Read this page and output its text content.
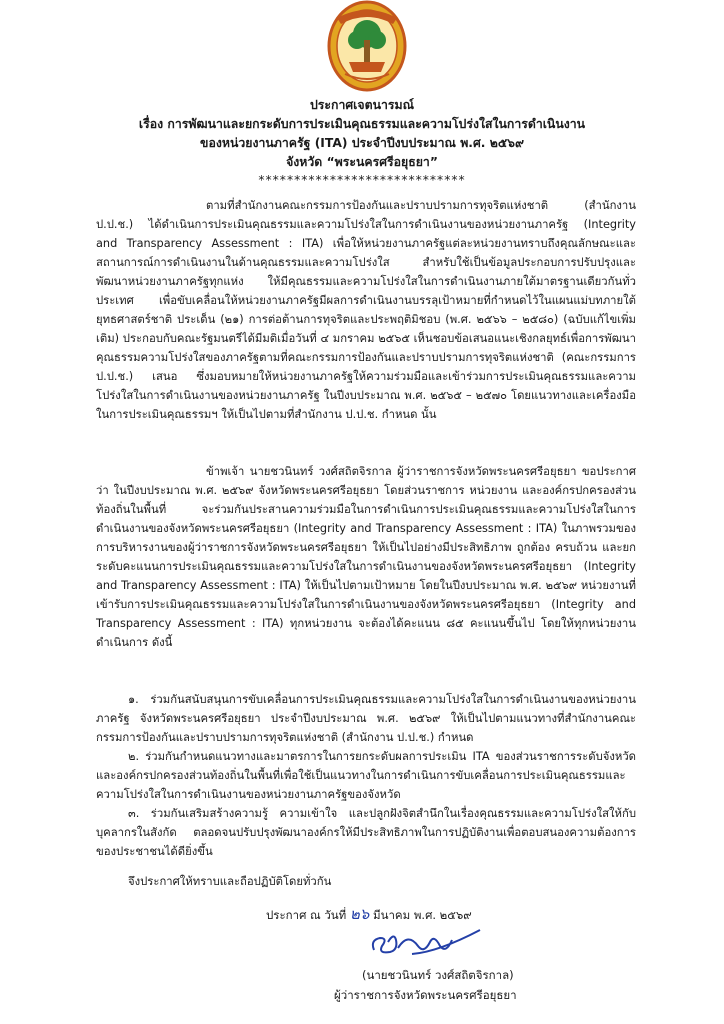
ประกาศเจตนารมณ์
เรื่อง การพัฒนาและยกระดับการประเมินคุณธรรมและความโปร่งใสในการดำเนินงาน
ของหน่วยงานภาครัฐ (ITA) ประจำปีงบประมาณ พ.ศ. ๒๕๖๙
จังหวัด “พระนครศรีอยุธยา”
*****************************
ตามที่สำนักงานคณะกรรมการป้องกันและปราบปรามการทุจริตแห่งชาติ (สำนักงาน ป.ป.ช.) ได้ดำเนินการประเมินคุณธรรมและความโปร่งใสในการดำเนินงานของหน่วยงานภาครัฐ (Integrity and Transparency Assessment : ITA) เพื่อให้หน่วยงานภาครัฐแต่ละหน่วยงานทราบถึงคุณลักษณะและสถานการณ์การดำเนินงานในด้านคุณธรรมและความโปร่งใส สำหรับใช้เป็นข้อมูลประกอบการปรับปรุงและพัฒนาหน่วยงานภาครัฐทุกแห่ง ให้มีคุณธรรมและความโปร่งใสในการดำเนินงานภายใต้มาตรฐานเดียวกันทั่วประเทศ เพื่อขับเคลื่อนให้หน่วยงานภาครัฐมีผลการดำเนินงานบรรลุเป้าหมายที่กำหนดไว้ในแผนแม่บทภายใต้ยุทธศาสตร์ชาติ ประเด็น (๒๑) การต่อต้านการทุจริตและประพฤติมิชอบ (พ.ศ. ๒๕๖๖ – ๒๕๘๐) (ฉบับแก้ไขเพิ่มเติม) ประกอบกับคณะรัฐมนตรีได้มีมติเมื่อวันที่ ๔ มกราคม ๒๕๖๕ เห็นชอบข้อเสนอแนะเชิงกลยุทธ์เพื่อการพัฒนาคุณธรรมความโปร่งใสของภาครัฐตามที่คณะกรรมการป้องกันและปราบปรามการทุจริตแห่งชาติ (คณะกรรมการ ป.ป.ช.) เสนอ ซึ่งมอบหมายให้หน่วยงานภาครัฐให้ความร่วมมือและเข้าร่วมการประเมินคุณธรรมและความโปร่งใสในการดำเนินงานของหน่วยงานภาครัฐ ในปีงบประมาณ พ.ศ. ๒๕๖๕ – ๒๕๗๐ โดยแนวทางและเครื่องมือในการประเมินคุณธรรมฯ ให้เป็นไปตามที่สำนักงาน ป.ป.ช. กำหนด นั้น
ข้าพเจ้า นายชวนินทร์ วงศ์สถิตจิรกาล ผู้ว่าราชการจังหวัดพระนครศรีอยุธยา ขอประกาศว่า ในปีงบประมาณ พ.ศ. ๒๕๖๙ จังหวัดพระนครศรีอยุธยา โดยส่วนราชการ หน่วยงาน และองค์กรปกครองส่วนท้องถิ่นในพื้นที่ จะร่วมกันประสานความร่วมมือในการดำเนินการประเมินคุณธรรมและความโปร่งใสในการดำเนินงานของจังหวัดพระนครศรีอยุธยา (Integrity and Transparency Assessment : ITA) ในภาพรวมของการบริหารงานของผู้ว่าราชการจังหวัดพระนครศรีอยุธยา ให้เป็นไปอย่างมีประสิทธิภาพ ถูกต้อง ครบถ้วน และยกระดับคะแนนการประเมินคุณธรรมและความโปร่งใสในการดำเนินงานของจังหวัดพระนครศรีอยุธยา (Integrity and Transparency Assessment : ITA) ให้เป็นไปตามเป้าหมาย โดยในปีงบประมาณ พ.ศ. ๒๕๖๙ หน่วยงานที่เข้ารับการประเมินคุณธรรมและความโปร่งใสในการดำเนินงานของจังหวัดพระนครศรีอยุธยา (Integrity and Transparency Assessment : ITA) ทุกหน่วยงาน จะต้องได้คะแนน ๘๕ คะแนนขึ้นไป โดยให้ทุกหน่วยงานดำเนินการ ดังนี้
๑. ร่วมกันสนับสนุนการขับเคลื่อนการประเมินคุณธรรมและความโปร่งใสในการดำเนินงานของหน่วยงานภาครัฐ จังหวัดพระนครศรีอยุธยา ประจำปีงบประมาณ พ.ศ. ๒๕๖๙ ให้เป็นไปตามแนวทางที่สำนักงานคณะกรรมการป้องกันและปราบปรามการทุจริตแห่งชาติ (สำนักงาน ป.ป.ช.) กำหนด
๒. ร่วมกันกำหนดแนวทางและมาตรการในการยกระดับผลการประเมิน ITA ของส่วนราชการระดับจังหวัดและองค์กรปกครองส่วนท้องถิ่นในพื้นที่เพื่อใช้เป็นแนวทางในการดำเนินการขับเคลื่อนการประเมินคุณธรรมและความโปร่งใสในการดำเนินงานของหน่วยงานภาครัฐของจังหวัด
๓. ร่วมกันเสริมสร้างความรู้ ความเข้าใจ และปลูกฝังจิตสำนึกในเรื่องคุณธรรมและความโปร่งใสให้กับบุคลากรในสังกัด ตลอดจนปรับปรุงพัฒนาองค์กรให้มีประสิทธิภาพในการปฏิบัติงานเพื่อตอบสนองความต้องการของประชาชนได้ดียิ่งขึ้น
จึงประกาศให้ทราบและถือปฏิบัติโดยทั่วกัน
ประกาศ ณ วันที่ ๒๖ มีนาคม พ.ศ. ๒๕๖๙
(นายชวนินทร์ วงศ์สถิตจิรกาล)
ผู้ว่าราชการจังหวัดพระนครศรีอยุธยา
